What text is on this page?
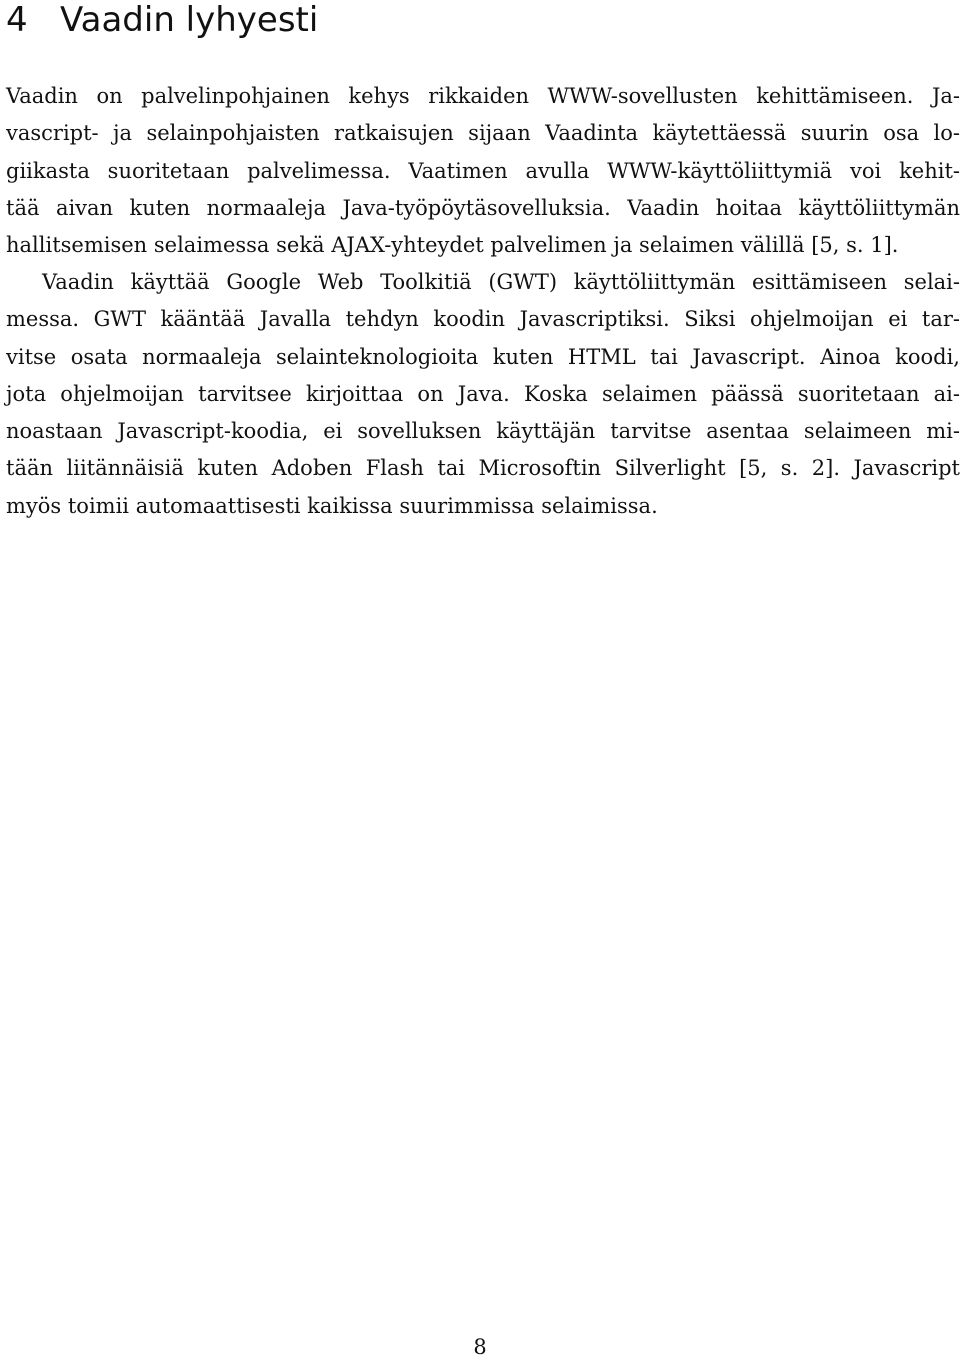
4 Vaadin lyhyesti
Vaadin on palvelinpohjainen kehys rikkaiden WWW-sovellusten kehittämiseen. Ja-
vascript- ja selainpohjaisten ratkaisujen sijaan Vaadinta käytettäessä suurin osa lo-
giikasta suoritetaan palvelimessa. Vaatimen avulla WWW-käyttöliittymiä voi kehit-
tää aivan kuten normaaleja Java-työpöytäsovelluksia. Vaadin hoitaa käyttöliittymän
hallitsemisen selaimessa sekä AJAX-yhteydet palvelimen ja selaimen välillä [5, s. 1].
Vaadin käyttää Google Web Toolkitiä (GWT) käyttöliittymän esittämiseen selai-
messa. GWT kääntää Javalla tehdyn koodin Javascriptiksi. Siksi ohjelmoijan ei tar-
vitse osata normaaleja selainteknologioita kuten HTML tai Javascript. Ainoa koodi,
jota ohjelmoijan tarvitsee kirjoittaa on Java. Koska selaimen päässä suoritetaan ai-
noastaan Javascript-koodia, ei sovelluksen käyttäjän tarvitse asentaa selaimeen mi-
tään liitännäisiä kuten Adoben Flash tai Microsoftin Silverlight [5, s. 2]. Javascript
myös toimii automaattisesti kaikissa suurimmissa selaimissa.
8
